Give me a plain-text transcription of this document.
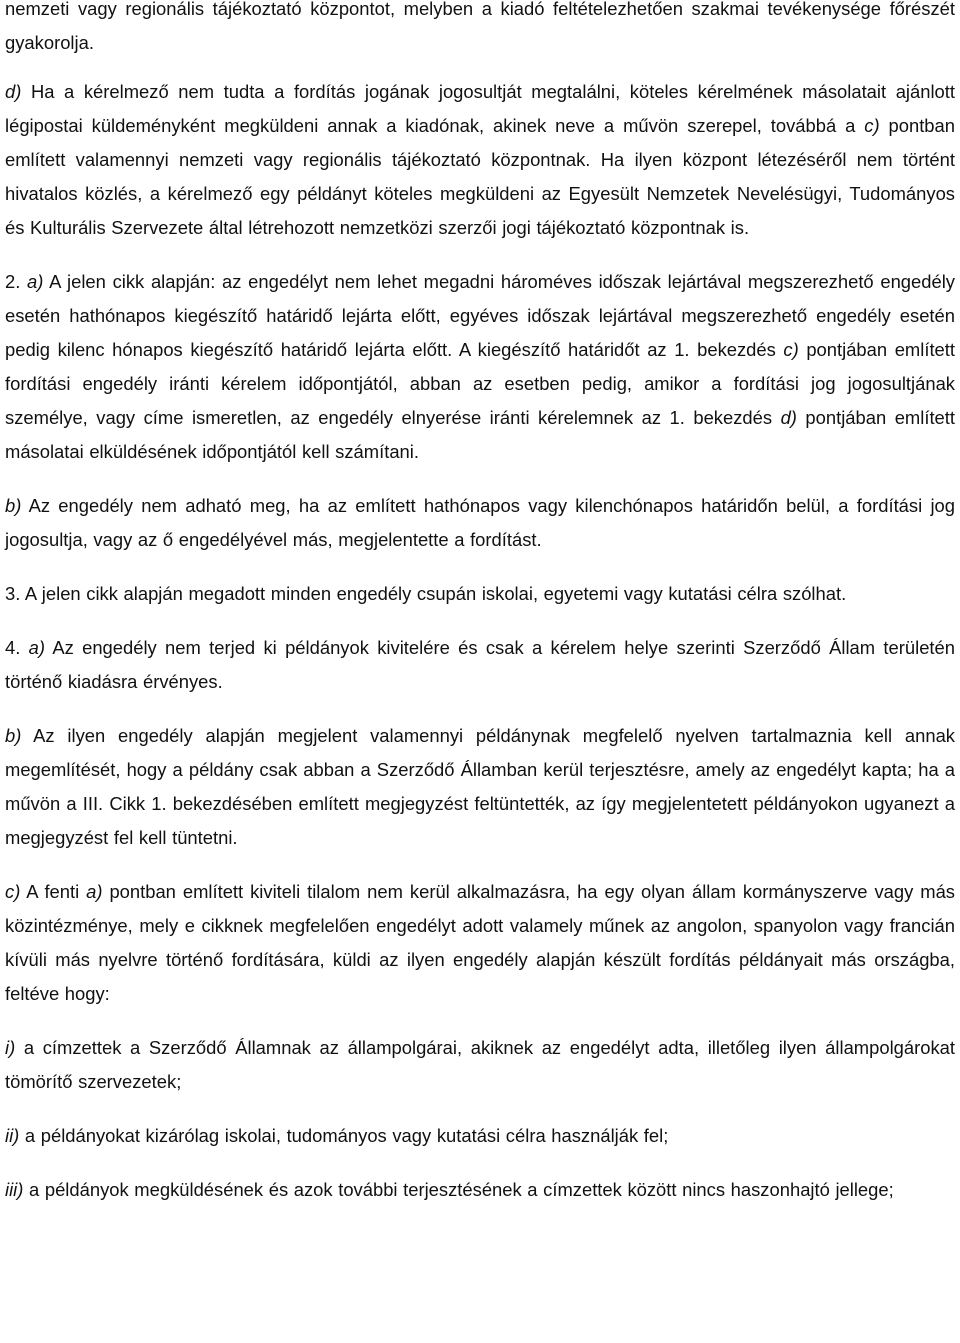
nemzeti vagy regionális tájékoztató központot, melyben a kiadó feltételezhetően szakmai tevékenysége főrészét gyakorolja.

d) Ha a kérelmező nem tudta a fordítás jogának jogosultját megtalálni, köteles kérelmének másolatait ajánlott légipostai küldeményként megküldeni annak a kiadónak, akinek neve a művön szerepel, továbbá a c) pontban említett valamennyi nemzeti vagy regionális tájékoztató központnak. Ha ilyen központ létezéséről nem történt hivatalos közlés, a kérelmező egy példányt köteles megküldeni az Egyesült Nemzetek Nevelésügyi, Tudományos és Kulturális Szervezete által létrehozott nemzetközi szerzői jogi tájékoztató központnak is.

2. a) A jelen cikk alapján: az engedélyt nem lehet megadni hároméves időszak lejártával megszerezhető engedély esetén hathónapos kiegészítő határidő lejárta előtt, egyéves időszak lejártával megszerezhető engedély esetén pedig kilenc hónapos kiegészítő határidő lejárta előtt. A kiegészítő határidőt az 1. bekezdés c) pontjában említett fordítási engedély iránti kérelem időpontjától, abban az esetben pedig, amikor a fordítási jog jogosultjának személye, vagy címe ismeretlen, az engedély elnyerése iránti kérelemnek az 1. bekezdés d) pontjában említett másolatai elküldésének időpontjától kell számítani.

b) Az engedély nem adható meg, ha az említett hathónapos vagy kilenchónapos határidőn belül, a fordítási jog jogosultja, vagy az ő engedélyével más, megjelentette a fordítást.

3. A jelen cikk alapján megadott minden engedély csupán iskolai, egyetemi vagy kutatási célra szólhat.

4. a) Az engedély nem terjed ki példányok kivitelére és csak a kérelem helye szerinti Szerződő Állam területén történő kiadásra érvényes.

b) Az ilyen engedély alapján megjelent valamennyi példánynak megfelelő nyelven tartalmaznia kell annak megemlítését, hogy a példány csak abban a Szerződő Államban kerül terjesztésre, amely az engedélyt kapta; ha a művön a III. Cikk 1. bekezdésében említett megjegyzést feltüntették, az így megjelentetett példányokon ugyanezt a megjegyzést fel kell tüntetni.

c) A fenti a) pontban említett kiviteli tilalom nem kerül alkalmazásra, ha egy olyan állam kormányszerve vagy más közintézménye, mely e cikknek megfelelően engedélyt adott valamely műnek az angolon, spanyolon vagy francián kívüli más nyelvre történő fordítására, küldi az ilyen engedély alapján készült fordítás példányait más országba, feltéve hogy:

i) a címzettek a Szerződő Államnak az állampolgárai, akiknek az engedélyt adta, illetőleg ilyen állampolgárokat tömörítő szervezetek;

ii) a példányokat kizárólag iskolai, tudományos vagy kutatási célra használják fel;

iii) a példányok megküldésének és azok további terjesztésének a címzettek között nincs haszonhajtó jellege;
